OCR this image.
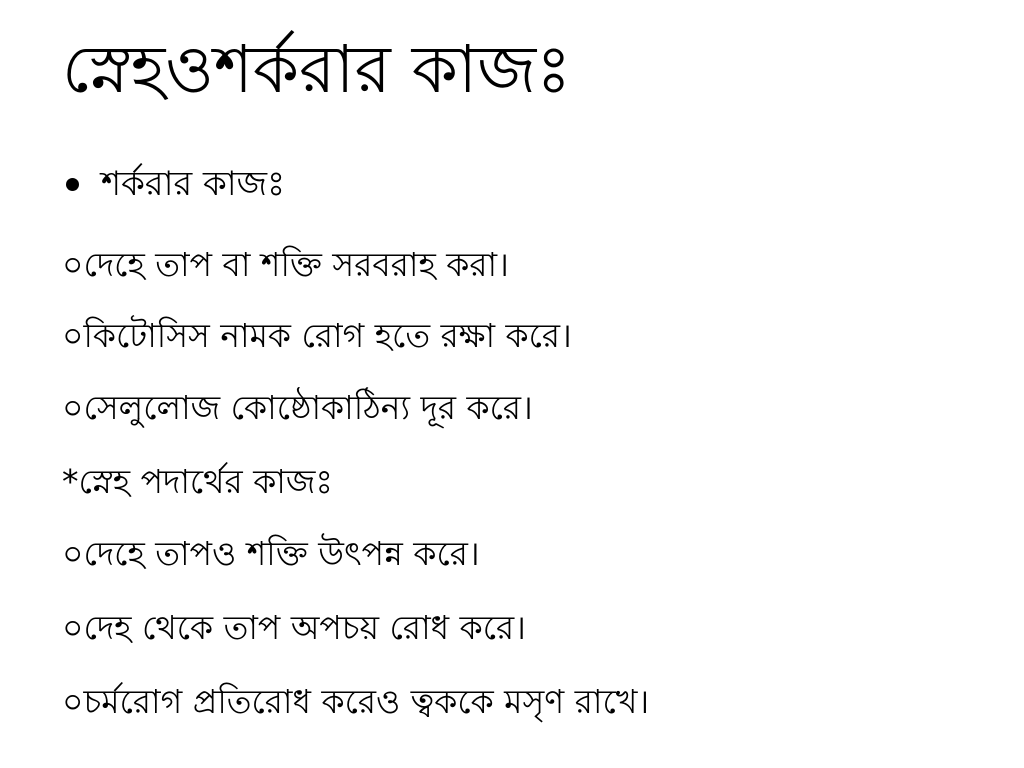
স্নেহওশর্করার কাজঃ
শর্করার কাজঃ
০দেহে তাপ বা শক্তি সরবরাহ করা।
০কিটোসিস নামক রোগ হতে রক্ষা করে।
০সেলুলোজ কোষ্ঠোকাঠিন্য দূর করে।
*স্নেহ পদার্থের কাজঃ
০দেহে তাপও শক্তি উৎপন্ন করে।
০দেহ থেকে তাপ অপচয় রোধ করে।
০চর্মরোগ প্রতিরোধ করেও ত্বককে মসৃণ রাখে।
